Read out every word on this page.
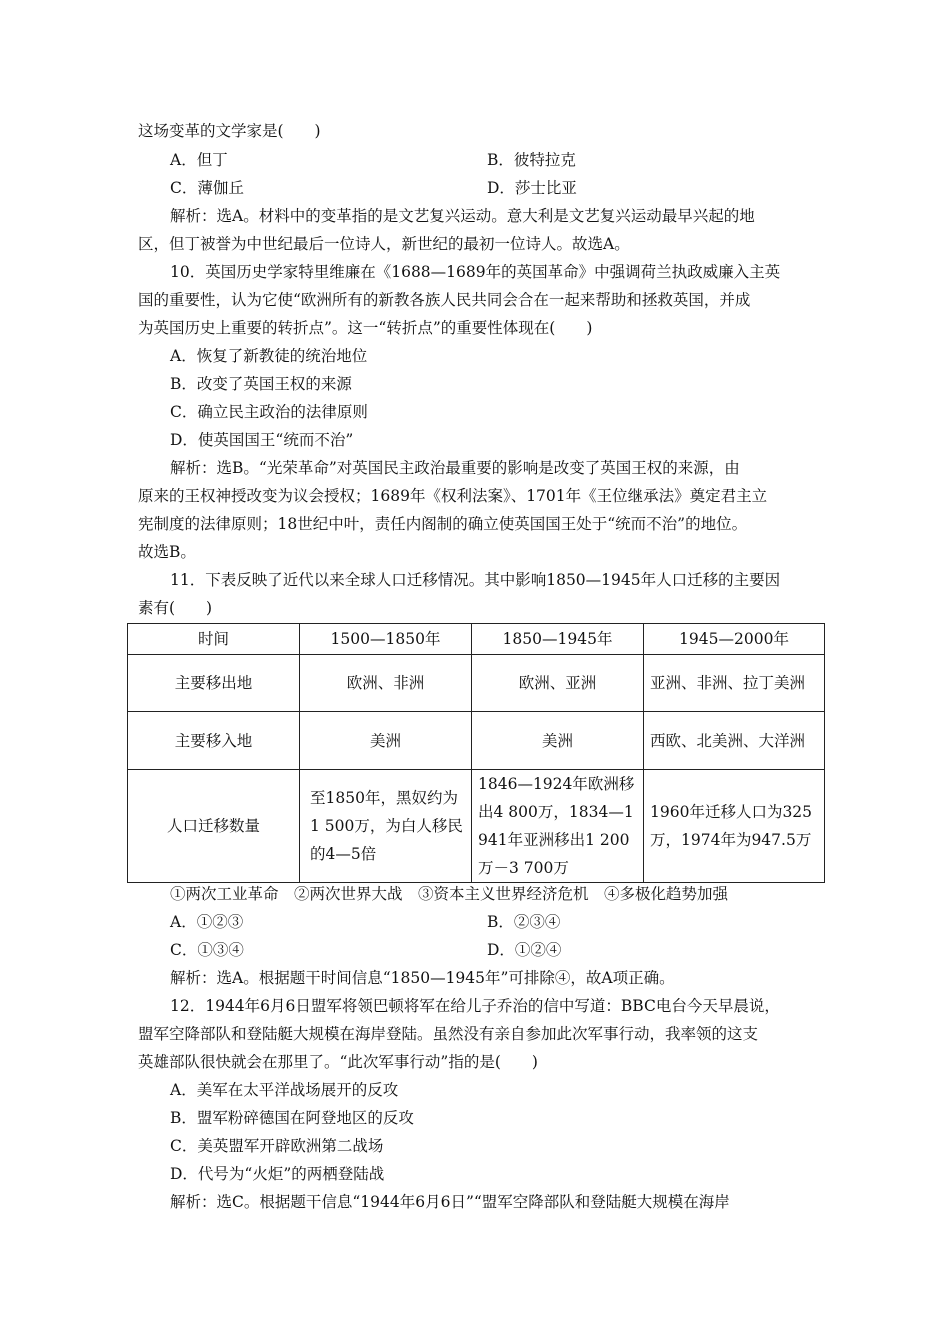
这场变革的文学家是(　　)
A．但丁	B．彼特拉克
C．薄伽丘	D．莎士比亚
解析：选A。材料中的变革指的是文艺复兴运动。意大利是文艺复兴运动最早兴起的地
区，但丁被誉为中世纪最后一位诗人，新世纪的最初一位诗人。故选A。
10．英国历史学家特里维廉在《1688—1689年的英国革命》中强调荷兰执政威廉入主英
国的重要性，认为它使“欧洲所有的新教各族人民共同会合在一起来帮助和拯救英国，并成
为英国历史上重要的转折点”。这一“转折点”的重要性体现在(　　)
A．恢复了新教徒的统治地位
B．改变了英国王权的来源
C．确立民主政治的法律原则
D．使英国国王“统而不治”
解析：选B。“光荣革命”对英国民主政治最重要的影响是改变了英国王权的来源，由
原来的王权神授改变为议会授权；1689年《权利法案》、1701年《王位继承法》奠定君主立
宪制度的法律原则；18世纪中叶，责任内阁制的确立使英国国王处于“统而不治”的地位。
故选B。
11．下表反映了近代以来全球人口迁移情况。其中影响1850—1945年人口迁移的主要因
素有(　　)
时间	1500—1850年	1850—1945年	1945—2000年
主要移出地	欧洲、非洲	欧洲、亚洲	亚洲、非洲、拉丁美洲
主要移入地	美洲	美洲	西欧、北美洲、大洋洲
人口迁移数量	至1850年，黑奴约为1 500万，为白人移民的4—5倍	1846—1924年欧洲移出4 800万，1834—1941年亚洲移出1 200万－3 700万	1960年迁移人口为325万，1974年为947.5万
①两次工业革命　②两次世界大战　③资本主义世界经济危机　④多极化趋势加强
A．①②③	B．②③④
C．①③④	D．①②④
解析：选A。根据题干时间信息“1850—1945年”可排除④，故A项正确。
12．1944年6月6日盟军将领巴顿将军在给儿子乔治的信中写道：BBC电台今天早晨说，
盟军空降部队和登陆艇大规模在海岸登陆。虽然没有亲自参加此次军事行动，我率领的这支
英雄部队很快就会在那里了。“此次军事行动”指的是(　　)
A．美军在太平洋战场展开的反攻
B．盟军粉碎德国在阿登地区的反攻
C．美英盟军开辟欧洲第二战场
D．代号为“火炬”的两栖登陆战
解析：选C。根据题干信息“1944年6月6日”“盟军空降部队和登陆艇大规模在海岸
